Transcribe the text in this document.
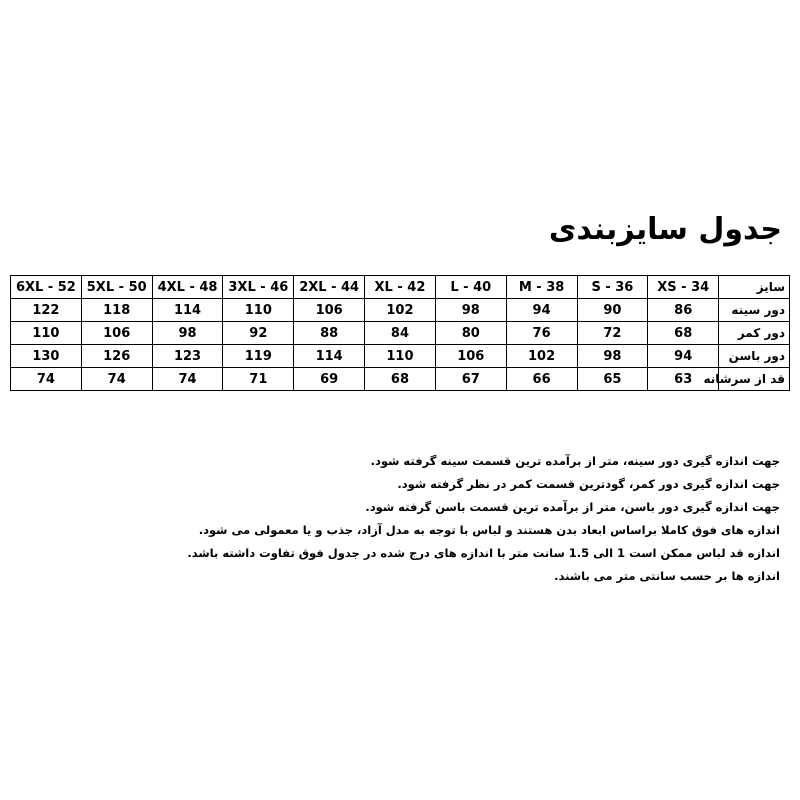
جدول سایزبندی
6XL - 52	5XL - 50	4XL - 48	3XL - 46	2XL - 44	XL - 42	L - 40	M - 38	S - 36	XS - 34	سایز
122	118	114	110	106	102	98	94	90	86	دور سینه
110	106	98	92	88	84	80	76	72	68	دور کمر
130	126	123	119	114	110	106	102	98	94	دور باسن
74	74	74	71	69	68	67	66	65	63	قد از سرشانه
جهت اندازه گیری دور سینه، متر از برآمده ترین قسمت سینه گرفته شود.
جهت اندازه گیری دور کمر، گودترین قسمت کمر در نظر گرفته شود.
جهت اندازه گیری دور باسن، متر از برآمده ترین قسمت باسن گرفته شود.
اندازه های فوق کاملا براساس ابعاد بدن هستند و لباس با توجه به مدل آزاد، جذب و یا معمولی می شود.
اندازه قد لباس ممکن است 1 الی 1.5 سانت متر با اندازه های درج شده در جدول فوق تفاوت داشته باشد.
اندازه ها بر حسب سانتی متر می باشند.
